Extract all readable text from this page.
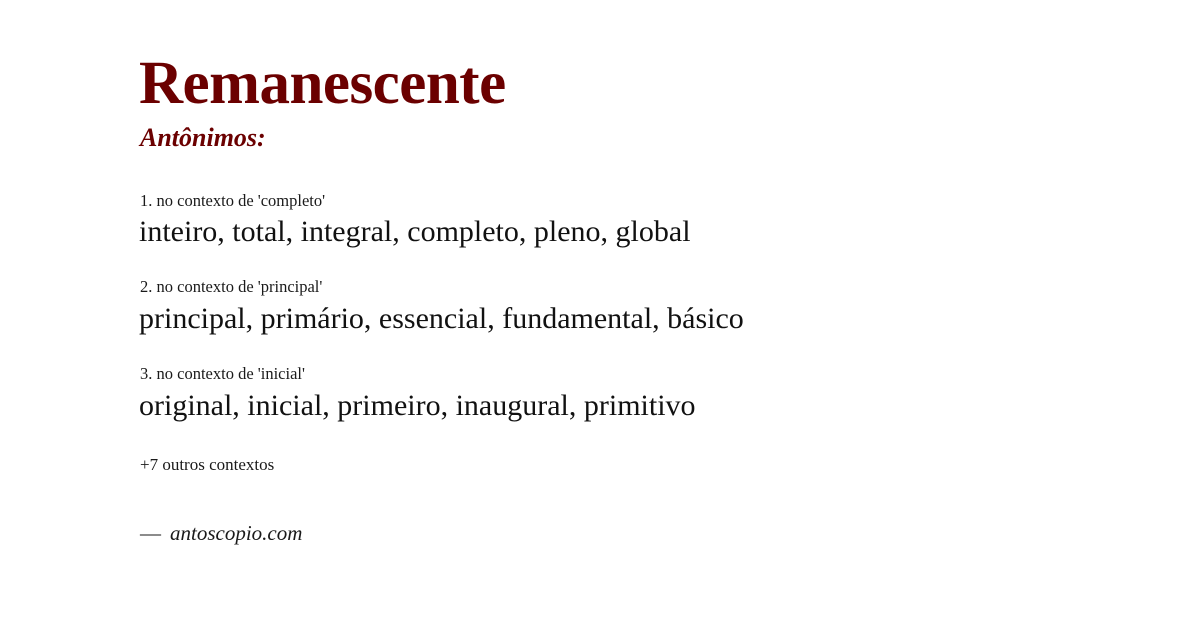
Remanescente
Antônimos:
1. no contexto de 'completo'
inteiro, total, integral, completo, pleno, global
2. no contexto de 'principal'
principal, primário, essencial, fundamental, básico
3. no contexto de 'inicial'
original, inicial, primeiro, inaugural, primitivo
+7 outros contextos
— antoscopio.com
